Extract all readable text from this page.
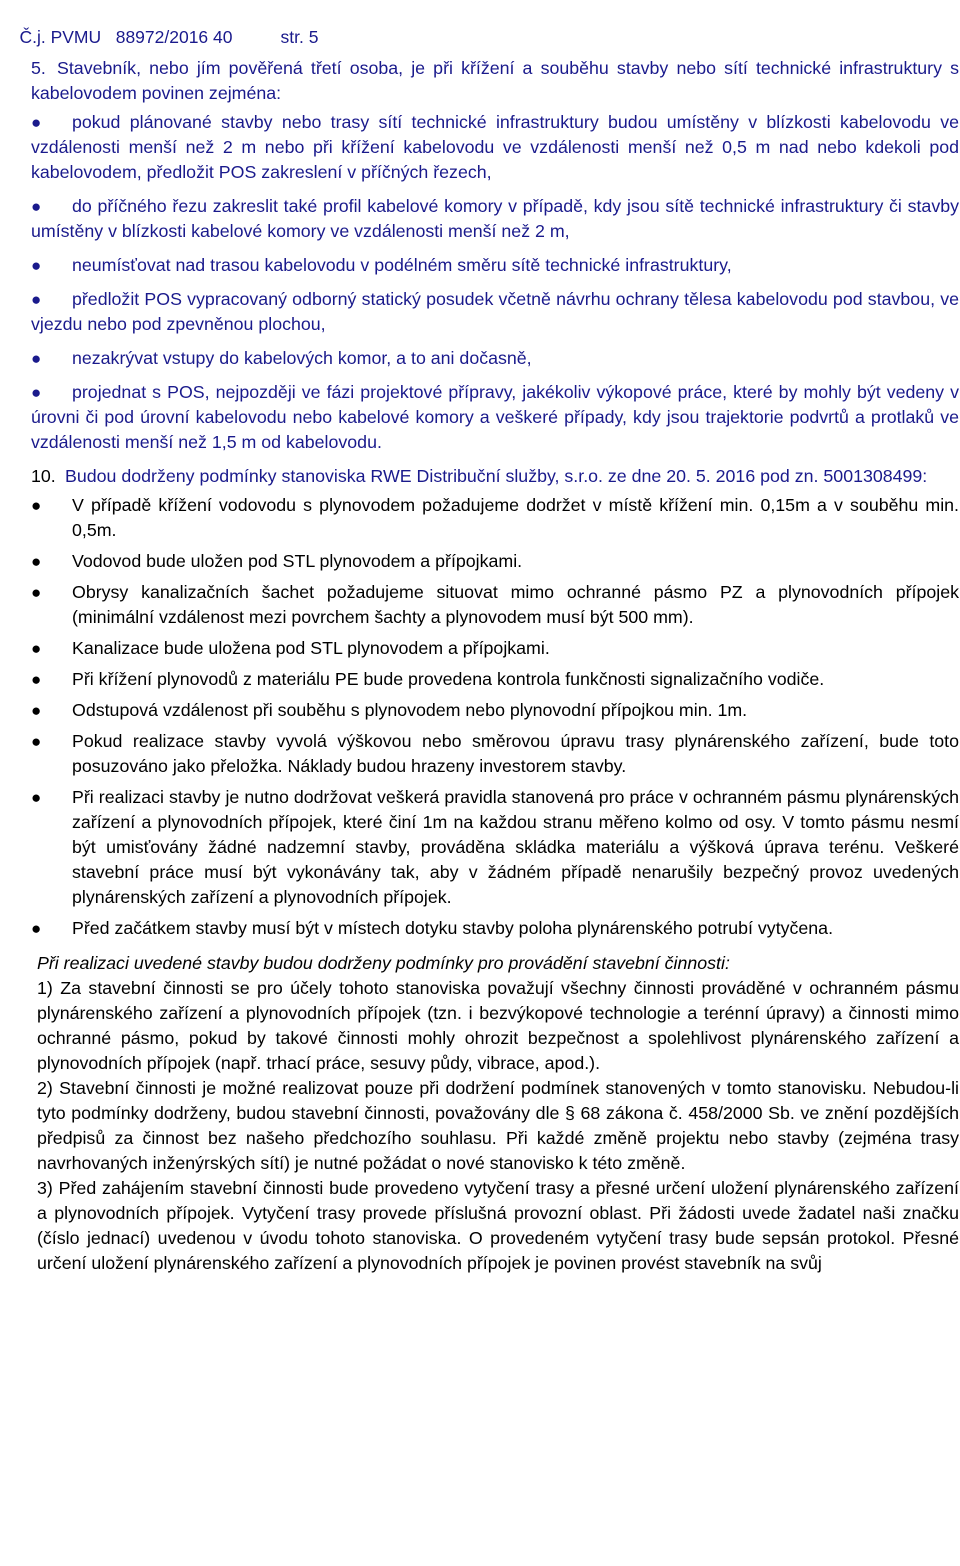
Č.j. PVMU   88972/2016 40	str. 5

5. Stavebník, nebo jím pověřená třetí osoba, je při křížení a souběhu stavby nebo sítí technické infrastruktury s kabelovodem povinen zejména:

● pokud plánované stavby nebo trasy sítí technické infrastruktury budou umístěny v blízkosti kabelovodu ve vzdálenosti menší než 2 m nebo při křížení kabelovodu ve vzdálenosti menší než 0,5 m nad nebo kdekoli pod kabelovodem, předložit POS zakreslení v příčných řezech,
● do příčného řezu zakreslit také profil kabelové komory v případě, kdy jsou sítě technické infrastruktury či stavby umístěny v blízkosti kabelové komory ve vzdálenosti menší než 2 m,
● neumísťovat nad trasou kabelovodu v podélném směru sítě technické infrastruktury,
● předložit POS vypracovaný odborný statický posudek včetně návrhu ochrany tělesa kabelovodu pod stavbou, ve vjezdu nebo pod zpevněnou plochou,
● nezakrývat vstupy do kabelových komor, a to ani dočasně,
● projednat s POS, nejpozději ve fázi projektové přípravy, jakékoliv výkopové práce, které by mohly být vedeny v úrovni či pod úrovní kabelovodu nebo kabelové komory a veškeré případy, kdy jsou trajektorie podvrtů a protlaků ve vzdálenosti menší než 1,5 m od kabelovodu.

10. Budou dodrženy podmínky stanoviska RWE Distribuční služby, s.r.o. ze dne 20. 5. 2016 pod zn. 5001308499:

● V případě křížení vodovodu s plynovodem požadujeme dodržet v místě křížení min. 0,15m a v souběhu min. 0,5m.
● Vodovod bude uložen pod STL plynovodem a přípojkami.
● Obrysy kanalizačních šachet požadujeme situovat mimo ochranné pásmo PZ a plynovodních přípojek (minimální vzdálenost mezi povrchem šachty a plynovodem musí být 500 mm).
● Kanalizace bude uložena pod STL plynovodem a přípojkami.
● Při křížení plynovodů z materiálu PE bude provedena kontrola funkčnosti signalizačního vodiče.
● Odstupová vzdálenost při souběhu s plynovodem nebo plynovodní přípojkou min. 1m.
● Pokud realizace stavby vyvolá výškovou nebo směrovou úpravu trasy plynárenského zařízení, bude toto posuzováno jako přeložka. Náklady budou hrazeny investorem stavby.
● Při realizaci stavby je nutno dodržovat veškerá pravidla stanovená pro práce v ochranném pásmu plynárenských zařízení a plynovodních přípojek, které činí 1m na každou stranu měřeno kolmo od osy. V tomto pásmu nesmí být umisťovány žádné nadzemní stavby, prováděna skládka materiálu a výšková úprava terénu. Veškeré stavební práce musí být vykonávány tak, aby v žádném případě nenarušily bezpečný provoz uvedených plynárenských zařízení a plynovodních přípojek.
● Před začátkem stavby musí být v místech dotyku stavby poloha plynárenského potrubí vytyčena.

Při realizaci uvedené stavby budou dodrženy podmínky pro provádění stavební činnosti:

1) Za stavební činnosti se pro účely tohoto stanoviska považují všechny činnosti prováděné v ochranném pásmu plynárenského zařízení a plynovodních přípojek (tzn. i bezvýkopové technologie a terénní úpravy) a činnosti mimo ochranné pásmo, pokud by takové činnosti mohly ohrozit bezpečnost a spolehlivost plynárenského zařízení a plynovodních přípojek (např. trhací práce, sesuvy půdy, vibrace, apod.).

2) Stavební činnosti je možné realizovat pouze při dodržení podmínek stanovených v tomto stanovisku. Nebudou-li tyto podmínky dodrženy, budou stavební činnosti, považovány dle § 68 zákona č. 458/2000 Sb. ve znění pozdějších předpisů za činnost bez našeho předchozího souhlasu. Při každé změně projektu nebo stavby (zejména trasy navrhovaných inženýrských sítí) je nutné požádat o nové stanovisko k této změně.

3) Před zahájením stavební činnosti bude provedeno vytyčení trasy a přesné určení uložení plynárenského zařízení a plynovodních přípojek. Vytyčení trasy provede příslušná provozní oblast. Při žádosti uvede žadatel naši značku (číslo jednací) uvedenou v úvodu tohoto stanoviska. O provedeném vytyčení trasy bude sepsán protokol. Přesné určení uložení plynárenského zařízení a plynovodních přípojek je povinen provést stavebník na svůj
